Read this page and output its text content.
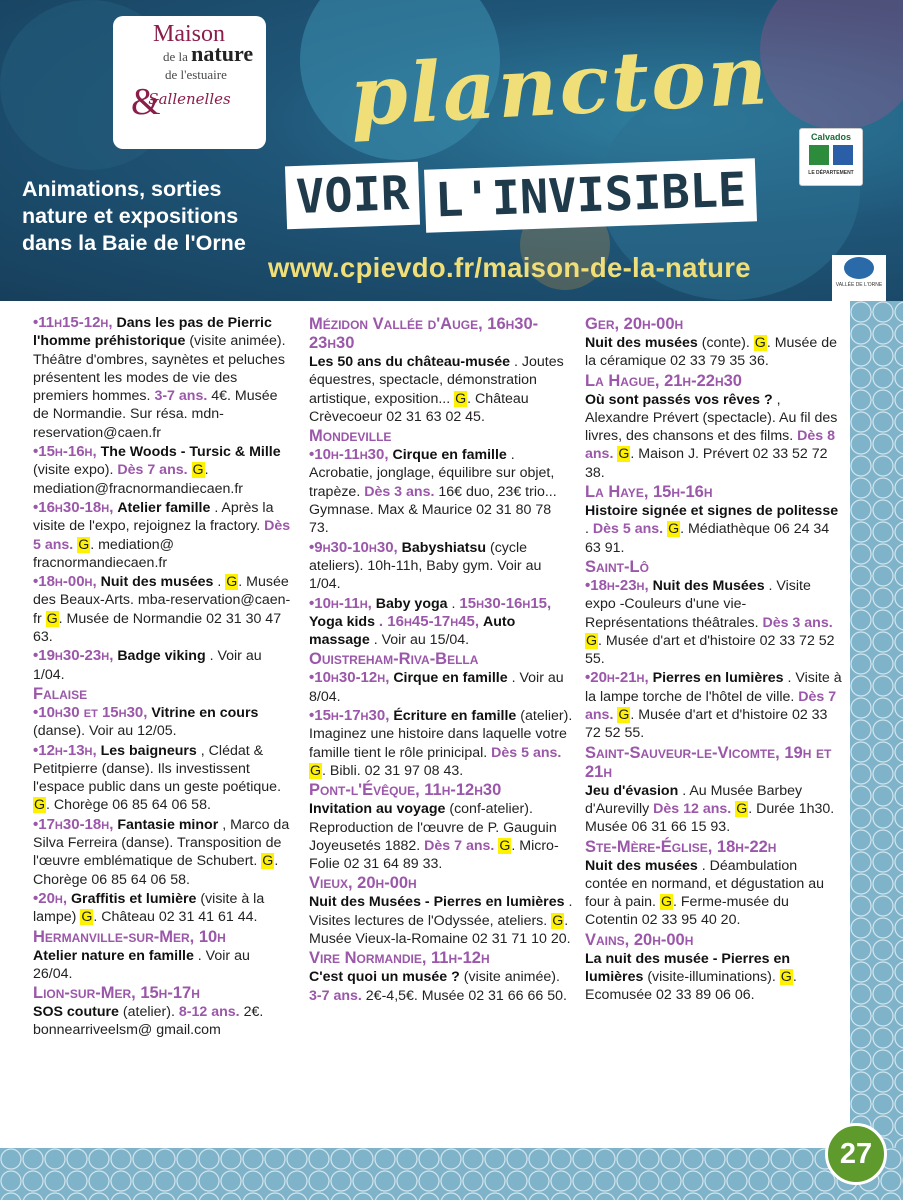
Maison
de la nature
&
de l'estuaire
Sallenelles
Animations, sorties nature et expositions dans la Baie de l'Orne
plancton
VOIR L'INVISIBLE
www.cpievdo.fr/maison-de-la-nature
Calvados
LE DÉPARTEMENT
VALLÉE DE L'ORNE
•11h15-12h, Dans les pas de Pierric l'homme préhistorique (visite animée). Théâtre d'ombres, saynètes et peluches présentent les modes de vie des premiers hommes. 3-7 ans. 4€. Musée de Normandie. Sur résa. mdn-reservation@caen.fr
•15h-16h, The Woods - Tursic & Mille (visite expo). Dès 7 ans. G. mediation@fracnormandiecaen.fr
•16h30-18h, Atelier famille . Après la visite de l'expo, rejoignez la fractory. Dès 5 ans. G. mediation@ fracnormandiecaen.fr
•18h-00h, Nuit des musées . G. Musée des Beaux-Arts. mba-reservation@caen-fr G. Musée de Normandie 02 31 30 47 63.
•19h30-23h, Badge viking . Voir au 1/04.
Falaise
•10h30 et 15h30, Vitrine en cours (danse). Voir au 12/05.
•12h-13h, Les baigneurs , Clédat & Petitpierre (danse). Ils investissent l'espace public dans un geste poétique. G. Chorège 06 85 64 06 58.
•17h30-18h, Fantasie minor , Marco da Silva Ferreira (danse). Transposition de l'œuvre emblématique de Schubert. G. Chorège 06 85 64 06 58.
•20h, Graffitis et lumière (visite à la lampe) G. Château 02 31 41 61 44.
Hermanville-sur-Mer, 10h
Atelier nature en famille . Voir au 26/04.
Lion-sur-Mer, 15h-17h
SOS couture (atelier). 8-12 ans. 2€. bonnearriveelsm@ gmail.com
Mézidon Vallée d'Auge, 16h30-23h30
Les 50 ans du château-musée . Joutes équestres, spectacle, démonstration artistique, exposition... G. Château Crèvecoeur 02 31 63 02 45.
Mondeville
•10h-11h30, Cirque en famille . Acrobatie, jonglage, équilibre sur objet, trapèze. Dès 3 ans. 16€ duo, 23€ trio... Gymnase. Max & Maurice 02 31 80 78 73.
•9h30-10h30, Babyshiatsu (cycle ateliers). 10h-11h, Baby gym. Voir au 1/04.
•10h-11h, Baby yoga . 15h30-16h15, Yoga kids . 16h45-17h45, Auto massage . Voir au 15/04.
Ouistreham-Riva-Bella
•10h30-12h, Cirque en famille . Voir au 8/04.
•15h-17h30, Écriture en famille (atelier). Imaginez une histoire dans laquelle votre famille tient le rôle prinicipal. Dès 5 ans. G. Bibli. 02 31 97 08 43.
Pont-l'Évêque, 11h-12h30
Invitation au voyage (conf-atelier). Reproduction de l'œuvre de P. Gauguin Joyeusetés 1882. Dès 7 ans. G. Micro-Folie 02 31 64 89 33.
Vieux, 20h-00h
Nuit des Musées - Pierres en lumières . Visites lectures de l'Odyssée, ateliers. G. Musée Vieux-la-Romaine 02 31 71 10 20.
Vire Normandie, 11h-12h
C'est quoi un musée ? (visite animée). 3-7 ans. 2€-4,5€. Musée 02 31 66 66 50.
Ger, 20h-00h
Nuit des musées (conte). G. Musée de la céramique 02 33 79 35 36.
La Hague, 21h-22h30
Où sont passés vos rêves ? , Alexandre Prévert (spectacle). Au fil des livres, des chansons et des films. Dès 8 ans. G. Maison J. Prévert 02 33 52 72 38.
La Haye, 15h-16h
Histoire signée et signes de politesse . Dès 5 ans. G. Médiathèque 06 24 34 63 91.
Saint-Lô
•18h-23h, Nuit des Musées . Visite expo -Couleurs d'une vie- Représentations théâtrales. Dès 3 ans. G. Musée d'art et d'histoire 02 33 72 52 55.
•20h-21h, Pierres en lumières . Visite à la lampe torche de l'hôtel de ville. Dès 7 ans. G. Musée d'art et d'histoire 02 33 72 52 55.
Saint-Sauveur-le-Vicomte, 19h et 21h
Jeu d'évasion . Au Musée Barbey d'Aurevilly Dès 12 ans. G. Durée 1h30. Musée 06 31 66 15 93.
Ste-Mère-Église, 18h-22h
Nuit des musées . Déambulation contée en normand, et dégustation au four à pain. G. Ferme-musée du Cotentin 02 33 95 40 20.
Vains, 20h-00h
La nuit des musée - Pierres en lumières (visite-illuminations). G. Ecomusée 02 33 89 06 06.
27
